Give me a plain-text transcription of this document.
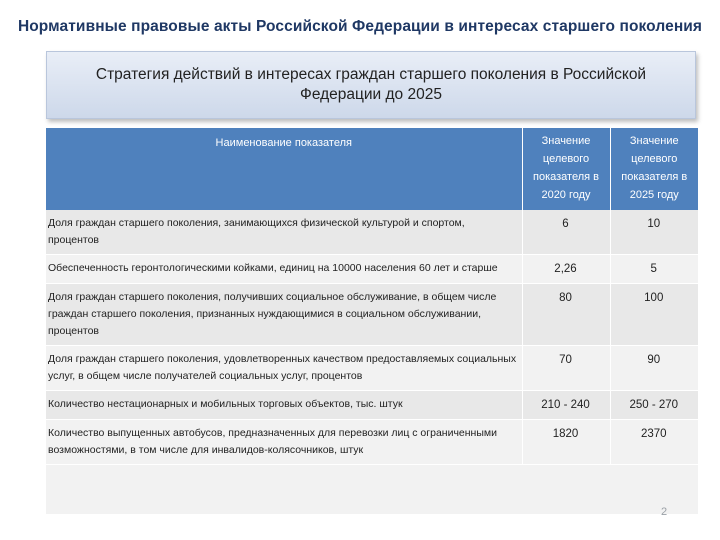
Нормативные правовые акты Российской Федерации в интересах старшего поколения
Стратегия действий в интересах граждан старшего поколения в Российской Федерации до 2025
Наименование показателя	Значение целевого показателя в 2020 году	Значение целевого показателя в 2025 году
Доля граждан старшего поколения, занимающихся физической культурой и спортом, процентов	6	10
Обеспеченность геронтологическими койками, единиц на 10000 населения 60 лет и старше	2,26	5
Доля граждан старшего поколения, получивших социальное обслуживание, в общем числе граждан старшего поколения, признанных нуждающимися в социальном обслуживании, процентов	80	100
Доля граждан старшего поколения, удовлетворенных качеством предоставляемых социальных услуг, в общем числе получателей социальных услуг, процентов	70	90
Количество нестационарных и мобильных торговых объектов, тыс. штук	210 - 240	250 - 270
Количество выпущенных автобусов, предназначенных для перевозки лиц с ограниченными возможностями, в том числе для инвалидов-колясочников, штук	1820	2370
2
